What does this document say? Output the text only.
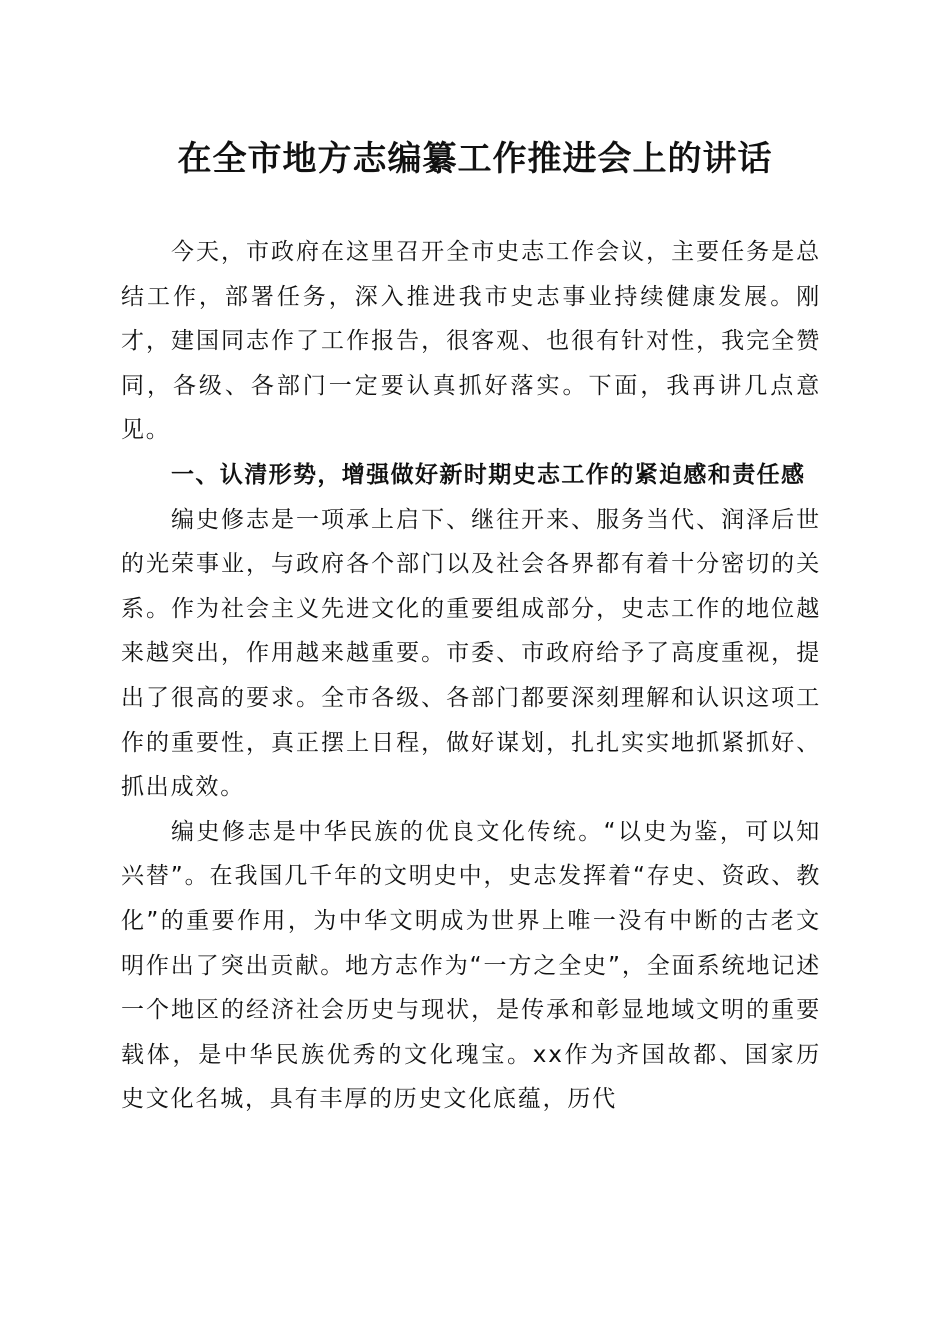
在全市地方志编纂工作推进会上的讲话

今天，市政府在这里召开全市史志工作会议，主要任务是总结工作，部署任务，深入推进我市史志事业持续健康发展。刚才，建国同志作了工作报告，很客观、也很有针对性，我完全赞同，各级、各部门一定要认真抓好落实。下面，我再讲几点意见。

一、认清形势，增强做好新时期史志工作的紧迫感和责任感

编史修志是一项承上启下、继往开来、服务当代、润泽后世的光荣事业，与政府各个部门以及社会各界都有着十分密切的关系。作为社会主义先进文化的重要组成部分，史志工作的地位越来越突出，作用越来越重要。市委、市政府给予了高度重视，提出了很高的要求。全市各级、各部门都要深刻理解和认识这项工作的重要性，真正摆上日程，做好谋划，扎扎实实地抓紧抓好、抓出成效。

编史修志是中华民族的优良文化传统。“以史为鉴，可以知兴替”。在我国几千年的文明史中，史志发挥着“存史、资政、教化”的重要作用，为中华文明成为世界上唯一没有中断的古老文明作出了突出贡献。地方志作为“一方之全史”，全面系统地记述一个地区的经济社会历史与现状，是传承和彰显地域文明的重要载体，是中华民族优秀的文化瑰宝。xx作为齐国故都、国家历史文化名城，具有丰厚的历史文化底蕴，历代
